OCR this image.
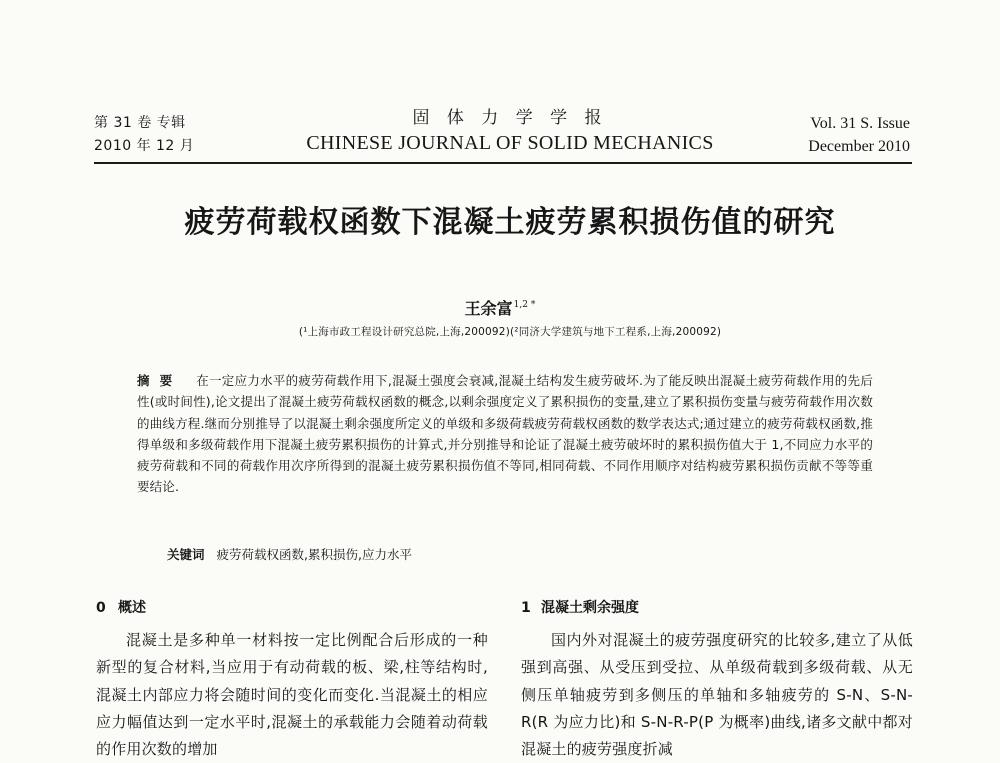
第 31 卷 专辑
2010 年 12 月
固 体 力 学 学 报
CHINESE JOURNAL OF SOLID MECHANICS
Vol. 31 S. Issue
December 2010
疲劳荷载权函数下混凝土疲劳累积损伤值的研究
王余富$^{1,2 *}$
(¹上海市政工程设计研究总院,上海,200092)(²同济大学建筑与地下工程系,上海,200092)
摘要 在一定应力水平的疲劳荷载作用下,混凝土强度会衰减,混凝土结构发生疲劳破坏.为了能反映出混凝土疲劳荷载作用的先后性(或时间性),论文提出了混凝土疲劳荷载权函数的概念,以剩余强度定义了累积损伤的变量,建立了累积损伤变量与疲劳荷载作用次数的曲线方程.继而分别推导了以混凝土剩余强度所定义的单级和多级荷载疲劳荷载权函数的数学表达式;通过建立的疲劳荷载权函数,推得单级和多级荷载作用下混凝土疲劳累积损伤的计算式,并分别推导和论证了混凝土疲劳破坏时的累积损伤值大于 1,不同应力水平的疲劳荷载和不同的荷载作用次序所得到的混凝土疲劳累积损伤值不等同,相同荷载、不同作用顺序对结构疲劳累积损伤贡献不等等重要结论.
关键词 疲劳荷载权函数,累积损伤,应力水平
0 概述

混凝土是多种单一材料按一定比例配合后形成的一种新型的复合材料,当应用于有动荷载的板、梁,柱等结构时,混凝土内部应力将会随时间的变化而变化.当混凝土的相应应力幅值达到一定水平时,混凝土的承载能力会随着动荷载的作用次数的增加

1 混凝土剩余强度

国内外对混凝土的疲劳强度研究的比较多,建立了从低强到高强、从受压到受拉、从单级荷载到多级荷载、从无侧压单轴疲劳到多侧压的单轴和多轴疲劳的 S-N、S-N-R(R 为应力比)和 S-N-R-P(P 为概率)曲线,诸多文献中都对混凝土的疲劳强度折减
